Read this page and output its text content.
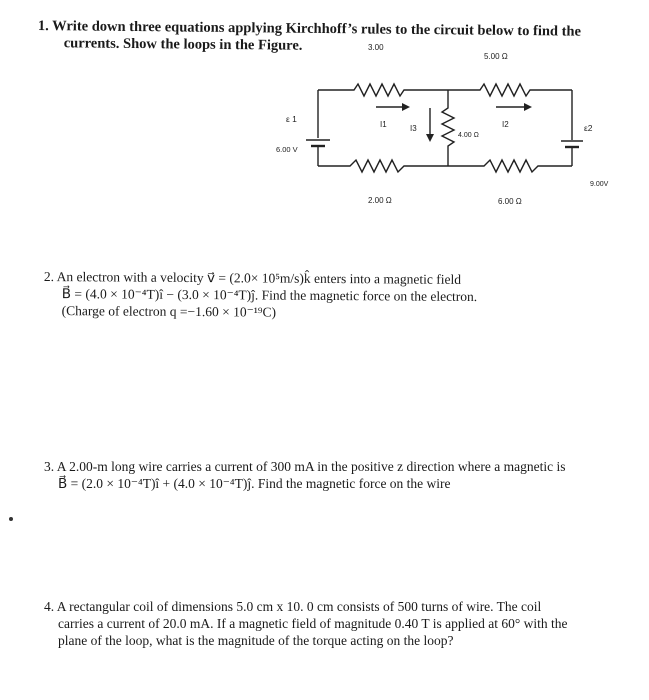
1. Write down three equations applying Kirchhoff’s rules to the circuit below to find the
currents. Show the loops in the Figure.	3.00
5.00 Ω
ε 1
6.00 V
ε2
9.00V
I1	I2
I3
4.00 Ω
2.00 Ω	6.00 Ω
2. An electron with a velocity v⃗ = (2.0× 10⁵m/s)k̂ enters into a magnetic field
B⃗ = (4.0 × 10⁻⁴T)î − (3.0 × 10⁻⁴T)ĵ. Find the magnetic force on the electron.
(Charge of electron q =−1.60 × 10⁻¹⁹C)
3. A 2.00-m long wire carries a current of 300 mA in the positive z direction where a magnetic is
B⃗ = (2.0 × 10⁻⁴T)î + (4.0 × 10⁻⁴T)ĵ. Find the magnetic force on the wire
4. A rectangular coil of dimensions 5.0 cm x 10. 0 cm consists of 500 turns of wire. The coil
carries a current of 20.0 mA. If a magnetic field of magnitude 0.40 T is applied at 60° with the
plane of the loop, what is the magnitude of the torque acting on the loop?
